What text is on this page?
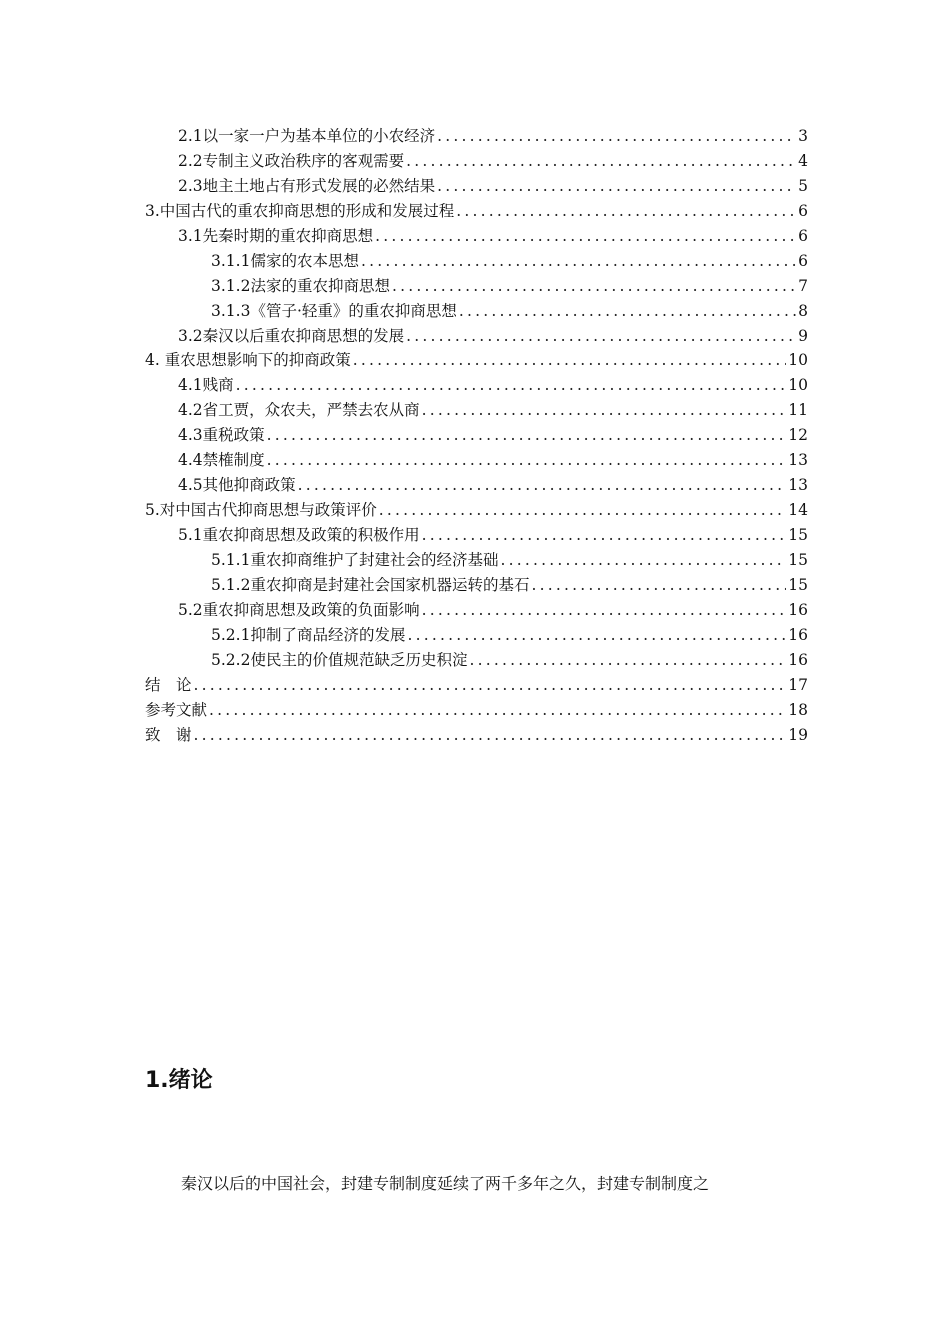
2.1以一家一户为基本单位的小农经济 .....	3
2.2专制主义政治秩序的客观需要 .....	4
2.3地主土地占有形式发展的必然结果 .....	5
3.中国古代的重农抑商思想的形成和发展过程 .....	6
3.1先秦时期的重农抑商思想 .....	6
3.1.1儒家的农本思想 .....	6
3.1.2法家的重农抑商思想 .....	7
3.1.3《管子·轻重》的重农抑商思想 .....	8
3.2秦汉以后重农抑商思想的发展 .....	9
4. 重农思想影响下的抑商政策 .....	10
4.1贱商 .....	10
4.2省工贾，众农夫，严禁去农从商 .....	11
4.3重税政策 .....	12
4.4禁榷制度 .....	13
4.5其他抑商政策 .....	13
5.对中国古代抑商思想与政策评价 .....	14
5.1重农抑商思想及政策的积极作用 .....	15
5.1.1重农抑商维护了封建社会的经济基础 .....	15
5.1.2重农抑商是封建社会国家机器运转的基石 .....	15
5.2重农抑商思想及政策的负面影响 .....	16
5.2.1抑制了商品经济的发展 .....	16
5.2.2使民主的价值规范缺乏历史积淀 .....	16
结　论 .....	17
参考文献 .....	18
致　谢 .....	19
1.绪论

秦汉以后的中国社会，封建专制制度延续了两千多年之久，封建专制制度之
